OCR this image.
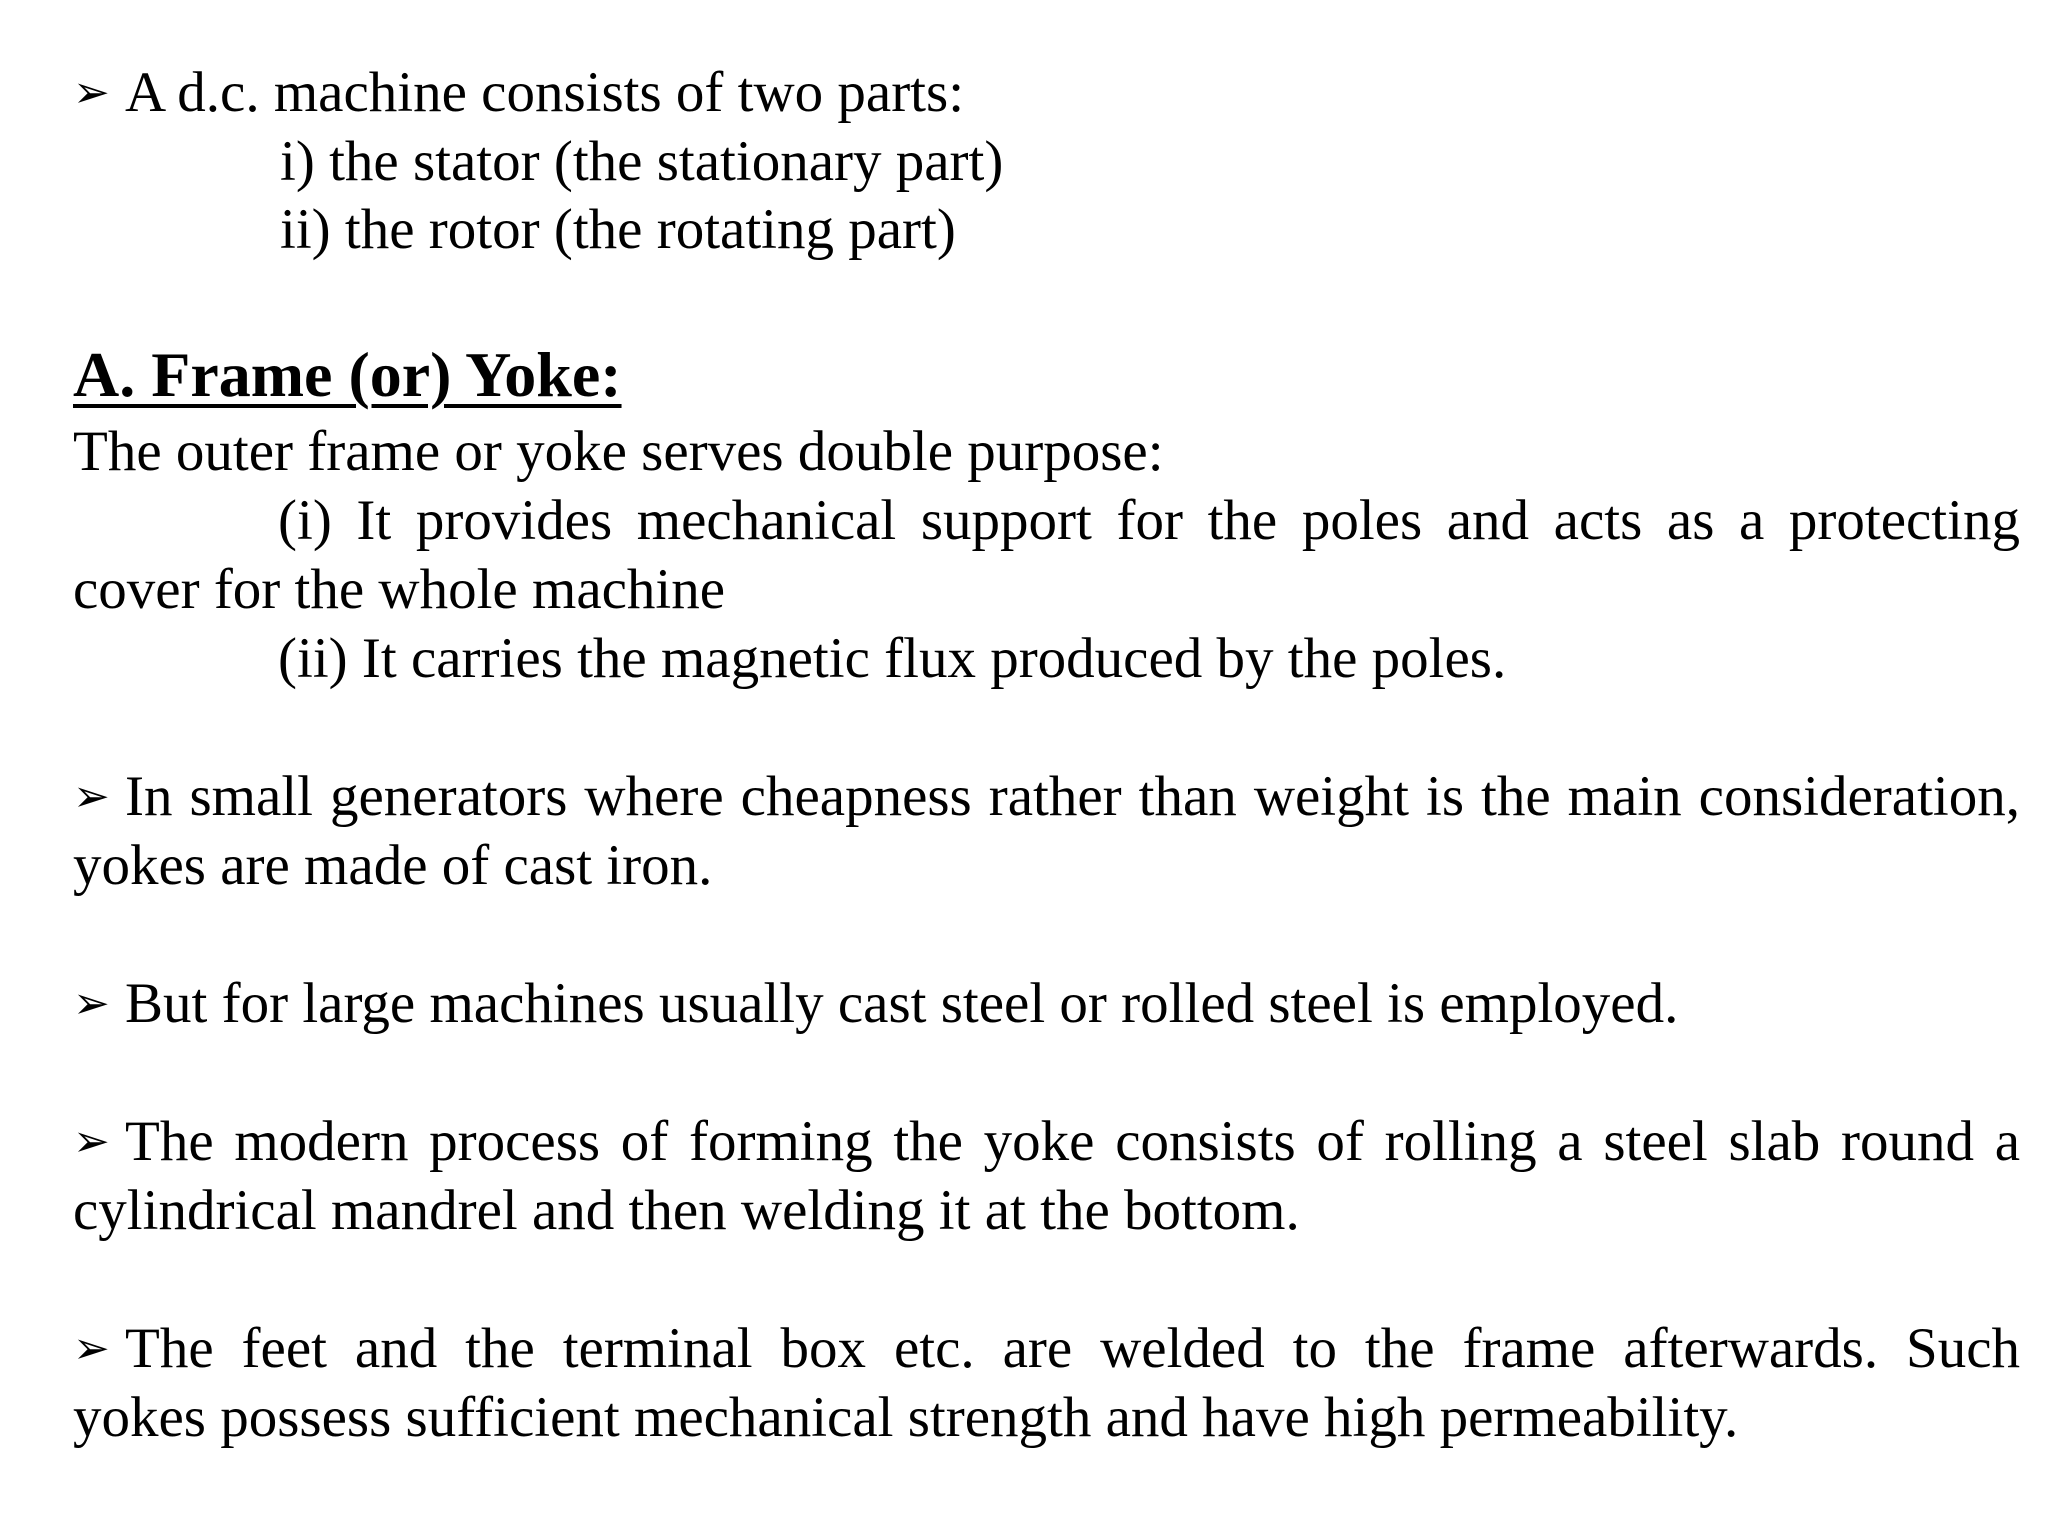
➢ A d.c. machine consists of two parts:
i) the stator (the stationary part)
ii) the rotor (the rotating part)
A. Frame (or) Yoke:
The outer frame or yoke serves double purpose:
(i) It provides mechanical support for the poles and acts as a protecting
cover for the whole machine
(ii) It carries the magnetic flux produced by the poles.
➢ In small generators where cheapness rather than weight is the main consideration,
yokes are made of cast iron.
➢ But for large machines usually cast steel or rolled steel is employed.
➢ The modern process of forming the yoke consists of rolling a steel slab round a
cylindrical mandrel and then welding it at the bottom.
➢ The feet and the terminal box etc. are welded to the frame afterwards. Such
yokes possess sufficient mechanical strength and have high permeability.
